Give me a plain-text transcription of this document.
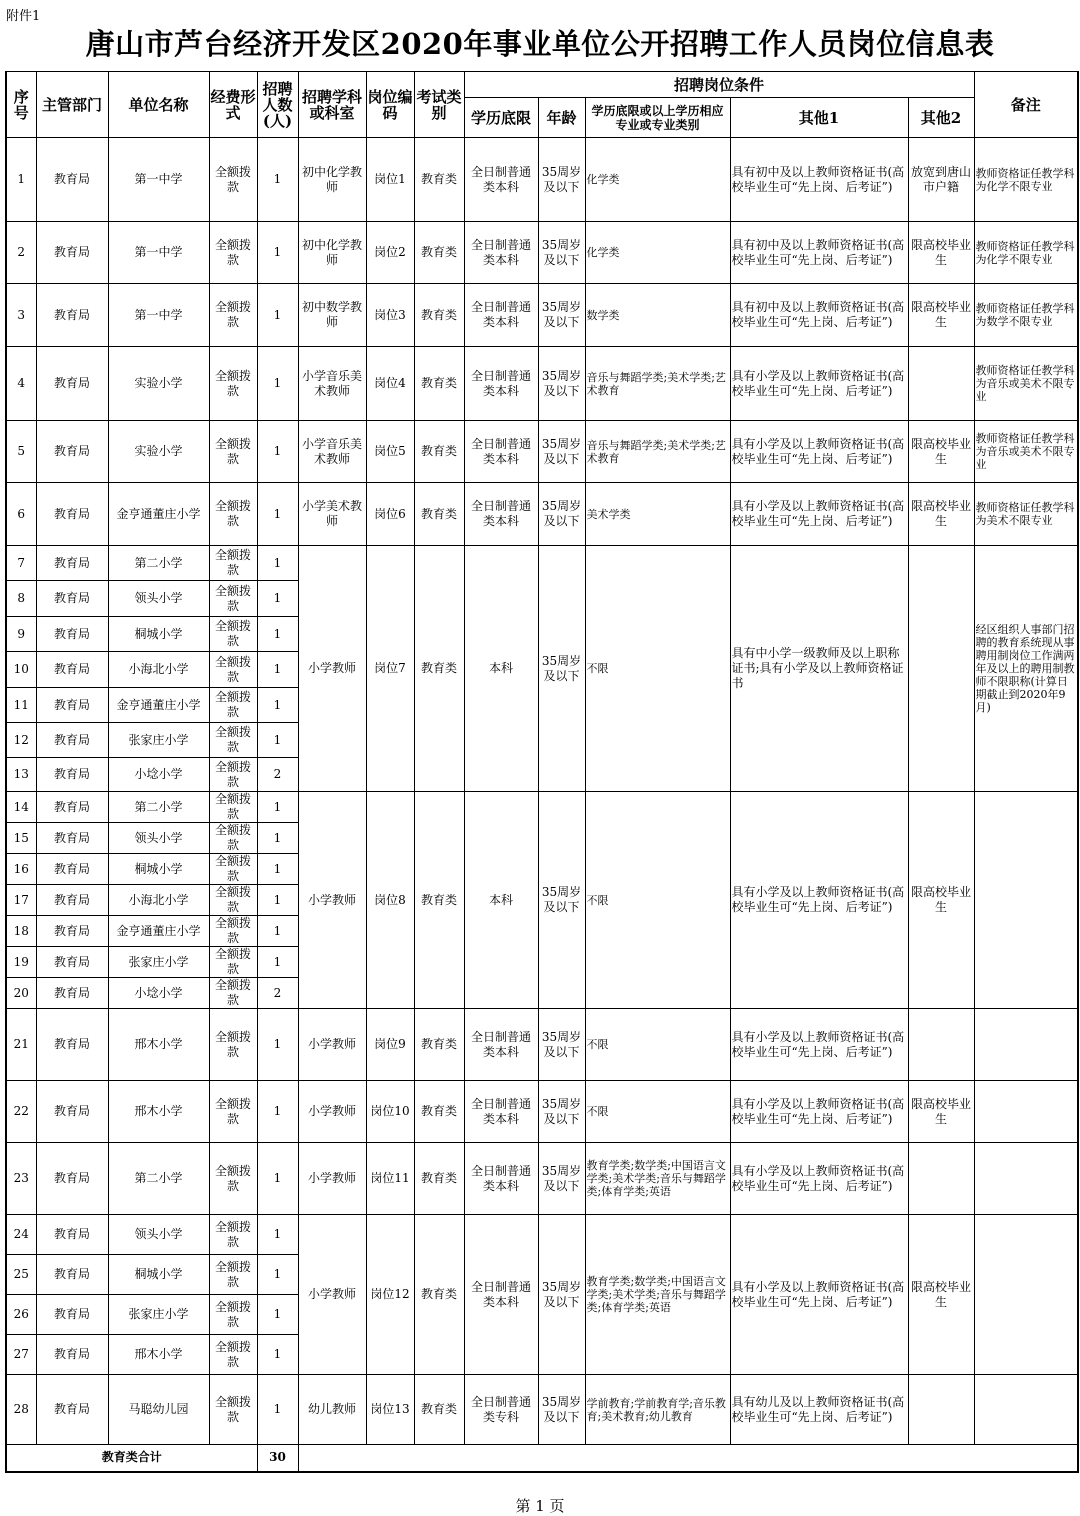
附件1
唐山市芦台经济开发区2020年事业单位公开招聘工作人员岗位信息表
序号	主管部门	单位名称	经费形式	招聘人数(人)	招聘学科或科室	岗位编码	考试类别	招聘岗位条件					备注
								学历底限	年龄	学历底限或以上学历相应专业或专业类别	其他1	其他2	
1	教育局	第一中学	全额拨款	1	初中化学教师	岗位1	教育类	全日制普通类本科	35周岁及以下	化学类	具有初中及以上教师资格证书(高校毕业生可“先上岗、后考证”)	放宽到唐山市户籍	教师资格证任教学科为化学不限专业
2	教育局	第一中学	全额拨款	1	初中化学教师	岗位2	教育类	全日制普通类本科	35周岁及以下	化学类	具有初中及以上教师资格证书(高校毕业生可“先上岗、后考证”)	限高校毕业生	教师资格证任教学科为化学不限专业
3	教育局	第一中学	全额拨款	1	初中数学教师	岗位3	教育类	全日制普通类本科	35周岁及以下	数学类	具有初中及以上教师资格证书(高校毕业生可“先上岗、后考证”)	限高校毕业生	教师资格证任教学科为数学不限专业
4	教育局	实验小学	全额拨款	1	小学音乐美术教师	岗位4	教育类	全日制普通类本科	35周岁及以下	音乐与舞蹈学类;美术学类;艺术教育	具有小学及以上教师资格证书(高校毕业生可“先上岗、后考证”)		教师资格证任教学科为音乐或美术不限专业
5	教育局	实验小学	全额拨款	1	小学音乐美术教师	岗位5	教育类	全日制普通类本科	35周岁及以下	音乐与舞蹈学类;美术学类;艺术教育	具有小学及以上教师资格证书(高校毕业生可“先上岗、后考证”)	限高校毕业生	教师资格证任教学科为音乐或美术不限专业
6	教育局	金亨通董庄小学	全额拨款	1	小学美术教师	岗位6	教育类	全日制普通类本科	35周岁及以下	美术学类	具有小学及以上教师资格证书(高校毕业生可“先上岗、后考证”)	限高校毕业生	教师资格证任教学科为美术不限专业
7	教育局	第二小学	全额拨款	1	小学教师	岗位7	教育类	本科	35周岁及以下	不限	具有中小学一级教师及以上职称证书;具有小学及以上教师资格证书		经区组织人事部门招聘的教育系统现从事聘用制岗位工作满两年及以上的聘用制教师不限职称(计算日期截止到2020年9月)
8	教育局	领头小学	全额拨款	1									
9	教育局	桐城小学	全额拨款	1									
10	教育局	小海北小学	全额拨款	1									
11	教育局	金亨通董庄小学	全额拨款	1									
12	教育局	张家庄小学	全额拨款	1									
13	教育局	小埝小学	全额拨款	2									
14	教育局	第二小学	全额拨款	1	小学教师	岗位8	教育类	本科	35周岁及以下	不限	具有小学及以上教师资格证书(高校毕业生可“先上岗、后考证”)	限高校毕业生	
15	教育局	领头小学	全额拨款	1									
16	教育局	桐城小学	全额拨款	1									
17	教育局	小海北小学	全额拨款	1									
18	教育局	金亨通董庄小学	全额拨款	1									
19	教育局	张家庄小学	全额拨款	1									
20	教育局	小埝小学	全额拨款	2									
21	教育局	邢木小学	全额拨款	1	小学教师	岗位9	教育类	全日制普通类本科	35周岁及以下	不限	具有小学及以上教师资格证书(高校毕业生可“先上岗、后考证”)		
22	教育局	邢木小学	全额拨款	1	小学教师	岗位10	教育类	全日制普通类本科	35周岁及以下	不限	具有小学及以上教师资格证书(高校毕业生可“先上岗、后考证”)	限高校毕业生	
23	教育局	第二小学	全额拨款	1	小学教师	岗位11	教育类	全日制普通类本科	35周岁及以下	教育学类;数学类;中国语言文学类;美术学类;音乐与舞蹈学类;体育学类;英语	具有小学及以上教师资格证书(高校毕业生可“先上岗、后考证”)		
24	教育局	领头小学	全额拨款	1	小学教师	岗位12	教育类	全日制普通类本科	35周岁及以下	教育学类;数学类;中国语言文学类;美术学类;音乐与舞蹈学类;体育学类;英语	具有小学及以上教师资格证书(高校毕业生可“先上岗、后考证”)	限高校毕业生	
25	教育局	桐城小学	全额拨款	1									
26	教育局	张家庄小学	全额拨款	1									
27	教育局	邢木小学	全额拨款	1									
28	教育局	马聪幼儿园	全额拨款	1	幼儿教师	岗位13	教育类	全日制普通类专科	35周岁及以下	学前教育;学前教育学;音乐教育;美术教育;幼儿教育	具有幼儿及以上教师资格证书(高校毕业生可“先上岗、后考证”)		
教育类合计				30									
第 1 页
